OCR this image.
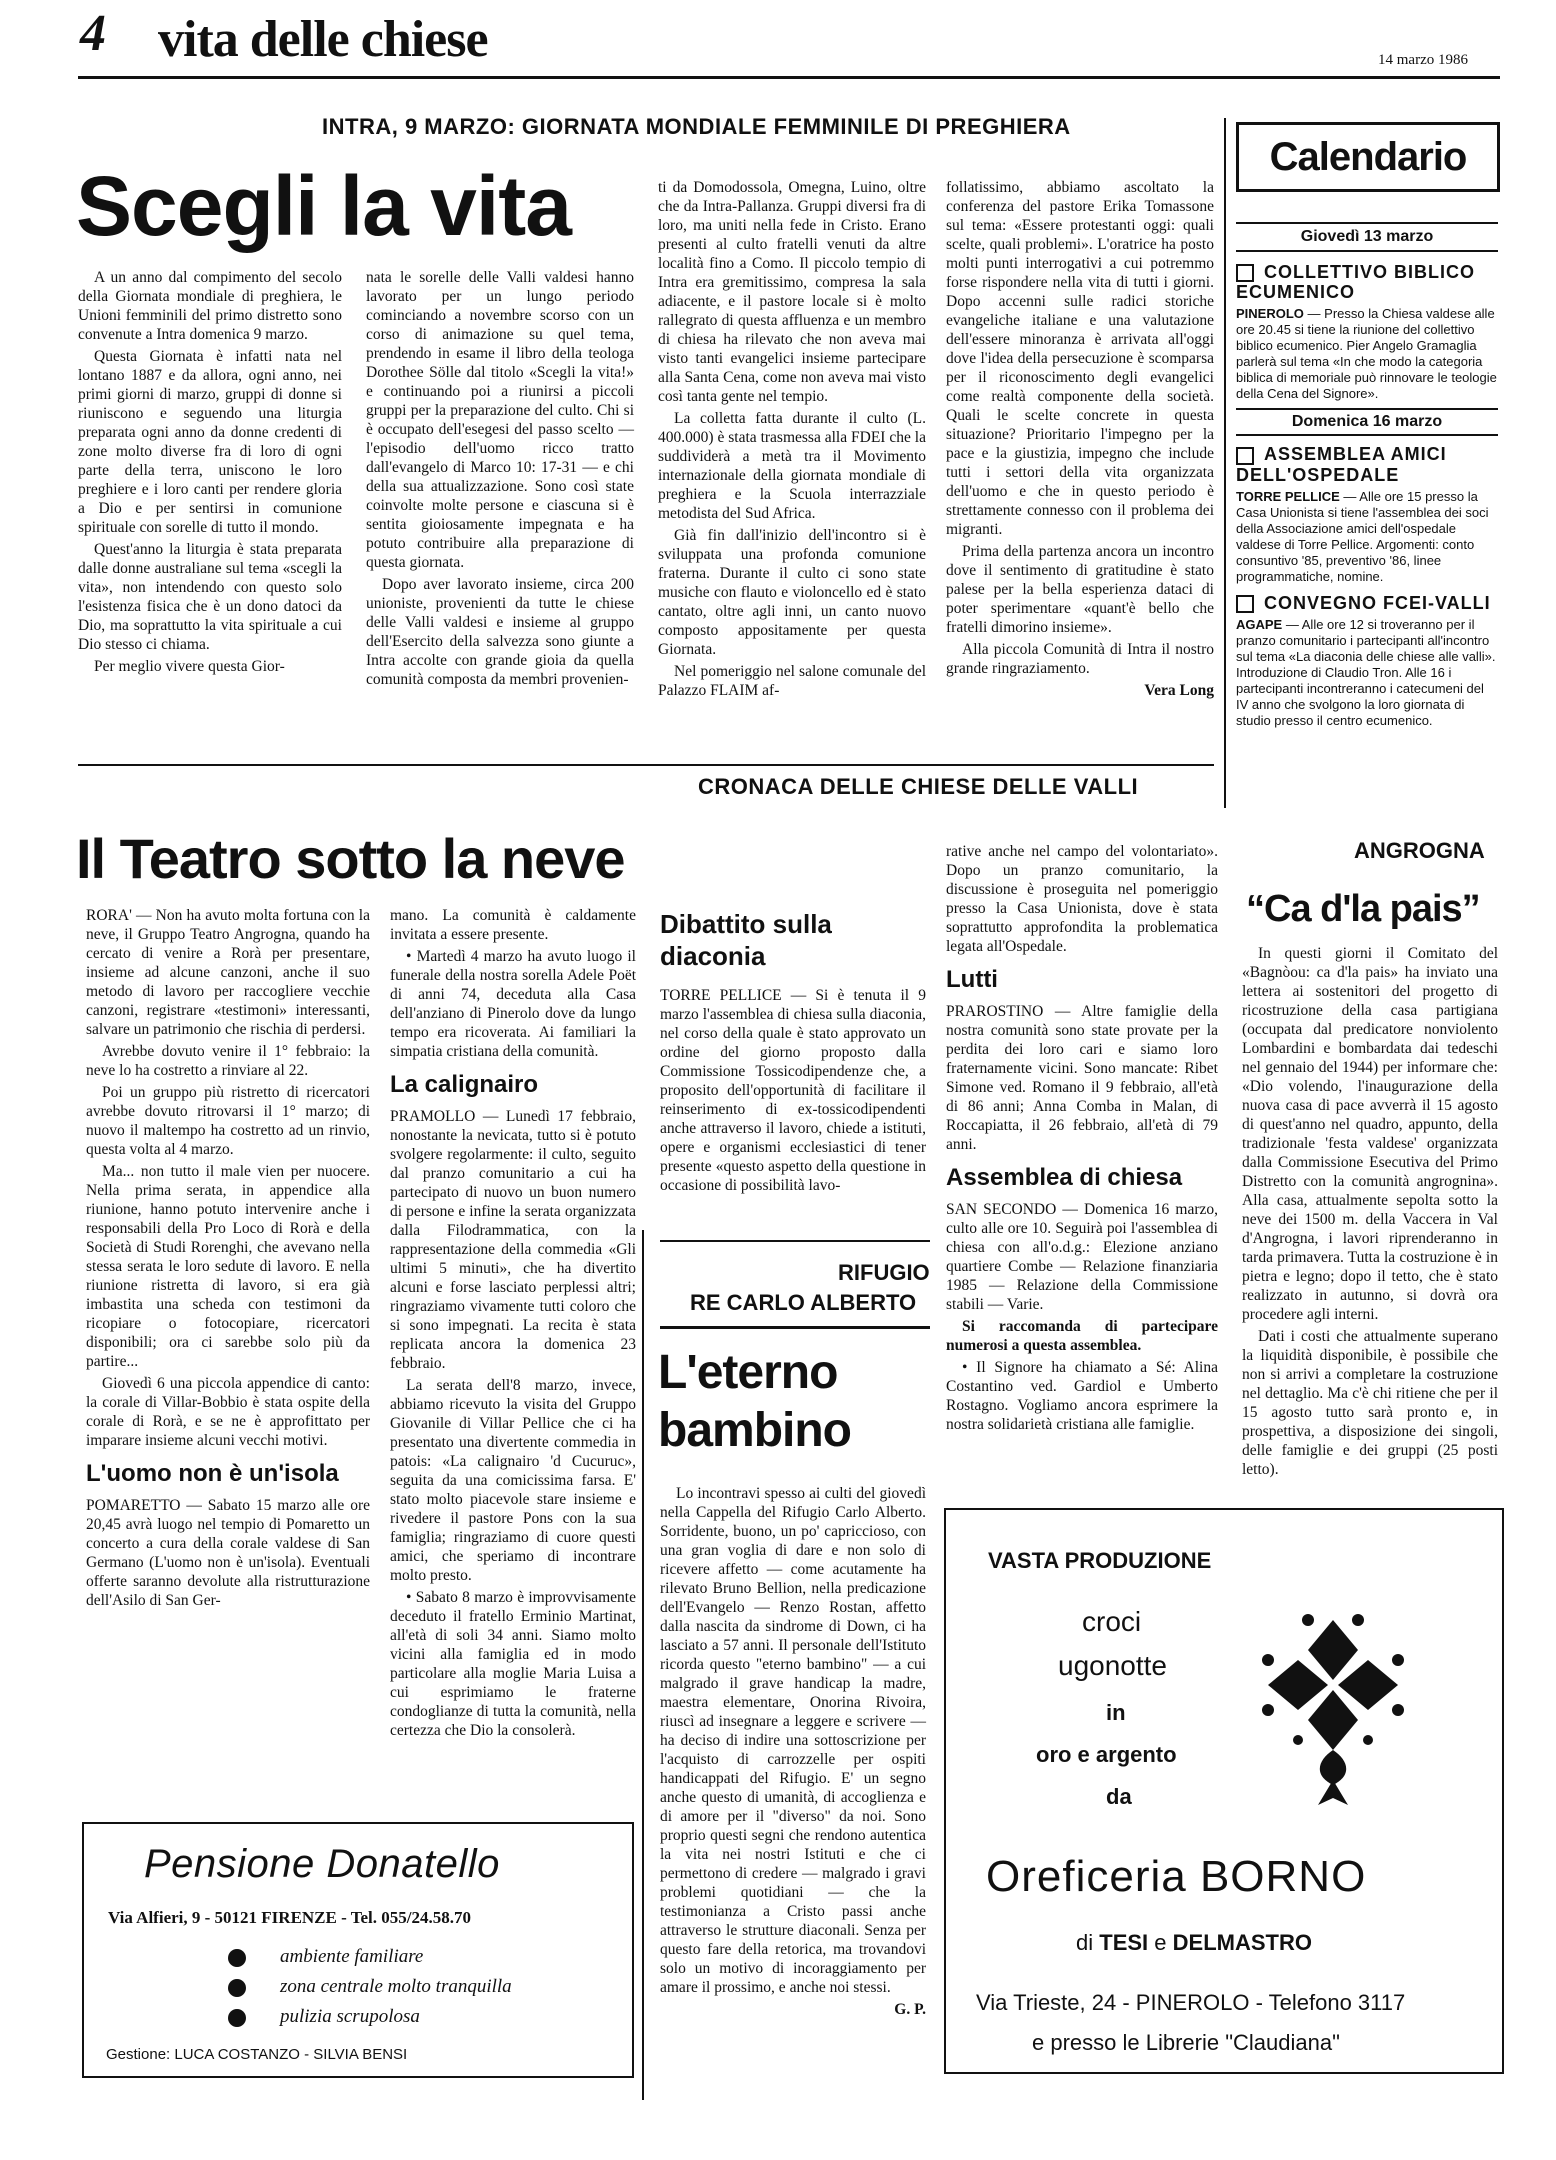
4 vita delle chiese	14 marzo 1986
INTRA, 9 MARZO: GIORNATA MONDIALE FEMMINILE DI PREGHIERA
Scegli la vita

A un anno dal compimento del secolo della Giornata mondiale di preghiera, le Unioni femminili del primo distretto sono convenute a Intra domenica 9 marzo.

Questa Giornata è infatti nata nel lontano 1887 e da allora, ogni anno, nei primi giorni di marzo, gruppi di donne si riuniscono e seguendo una liturgia preparata ogni anno da donne credenti di zone molto diverse fra di loro di ogni parte della terra, uniscono le loro preghiere e i loro canti per rendere gloria a Dio e per sentirsi in comunione spirituale con sorelle di tutto il mondo.

Quest'anno la liturgia è stata preparata dalle donne australiane sul tema «scegli la vita», non intendendo con questo solo l'esistenza fisica che è un dono datoci da Dio, ma soprattutto la vita spirituale a cui Dio stesso ci chiama.

Per meglio vivere questa Gior-

nata le sorelle delle Valli valdesi hanno lavorato per un lungo periodo cominciando a novembre scorso con un corso di animazione su quel tema, prendendo in esame il libro della teologa Dorothee Sölle dal titolo «Scegli la vita!» e continuando poi a riunirsi a piccoli gruppi per la preparazione del culto. Chi si è occupato dell'esegesi del passo scelto — l'episodio dell'uomo ricco tratto dall'evangelo di Marco 10: 17-31 — e chi della sua attualizzazione. Sono così state coinvolte molte persone e ciascuna si è sentita gioiosamente impegnata e ha potuto contribuire alla preparazione di questa giornata.

Dopo aver lavorato insieme, circa 200 unioniste, provenienti da tutte le chiese delle Valli valdesi e insieme al gruppo dell'Esercito della salvezza sono giunte a Intra accolte con grande gioia da quella comunità composta da membri provenien-

ti da Domodossola, Omegna, Luino, oltre che da Intra-Pallanza. Gruppi diversi fra di loro, ma uniti nella fede in Cristo. Erano presenti al culto fratelli venuti da altre località fino a Como. Il piccolo tempio di Intra era gremitissimo, compresa la sala adiacente, e il pastore locale si è molto rallegrato di questa affluenza e un membro di chiesa ha rilevato che non aveva mai visto tanti evangelici insieme partecipare alla Santa Cena, come non aveva mai visto così tanta gente nel tempio.

La colletta fatta durante il culto (L. 400.000) è stata trasmessa alla FDEI che la suddividerà a metà tra il Movimento internazionale della giornata mondiale di preghiera e la Scuola interrazziale metodista del Sud Africa.

Già fin dall'inizio dell'incontro si è sviluppata una profonda comunione fraterna. Durante il culto ci sono state musiche con flauto e violoncello ed è stato cantato, oltre agli inni, un canto nuovo composto appositamente per questa Giornata.

Nel pomeriggio nel salone comunale del Palazzo FLAIM af-

follatissimo, abbiamo ascoltato la conferenza del pastore Erika Tomassone sul tema: «Essere protestanti oggi: quali scelte, quali problemi». L'oratrice ha posto molti punti interrogativi a cui potremmo forse rispondere nella vita di tutti i giorni. Dopo accenni sulle radici storiche evangeliche italiane e una valutazione dell'essere minoranza è arrivata all'oggi dove l'idea della persecuzione è scomparsa per il riconoscimento degli evangelici come realtà componente della società. Quali le scelte concrete in questa situazione? Prioritario l'impegno per la pace e la giustizia, impegno che include tutti i settori della vita organizzata dell'uomo e che in questo periodo è strettamente connesso con il problema dei migranti.

Prima della partenza ancora un incontro dove il sentimento di gratitudine è stato palese per la bella esperienza dataci di poter sperimentare «quant'è bello che fratelli dimorino insieme».

Alla piccola Comunità di Intra il nostro grande ringraziamento.

Vera Long
Calendario
Giovedì 13 marzo
COLLETTIVO BIBLICO ECUMENICO
PINEROLO — Presso la Chiesa valdese alle ore 20.45 si tiene la riunione del collettivo biblico ecumenico. Pier Angelo Gramaglia parlerà sul tema «In che modo la categoria biblica di memoriale può rinnovare le teologie della Cena del Signore».
Domenica 16 marzo
ASSEMBLEA AMICI DELL'OSPEDALE
TORRE PELLICE — Alle ore 15 presso la Casa Unionista si tiene l'assemblea dei soci della Associazione amici dell'ospedale valdese di Torre Pellice. Argomenti: conto consuntivo '85, preventivo '86, linee programmatiche, nomine.
CONVEGNO FCEI-VALLI
AGAPE — Alle ore 12 si troveranno per il pranzo comunitario i partecipanti all'incontro sul tema «La diaconia delle chiese alle valli». Introduzione di Claudio Tron. Alle 16 i partecipanti incontreranno i catecumeni del IV anno che svolgono la loro giornata di studio presso il centro ecumenico.
CRONACA DELLE CHIESE DELLE VALLI
Il Teatro sotto la neve

RORA' — Non ha avuto molta fortuna con la neve, il Gruppo Teatro Angrogna, quando ha cercato di venire a Rorà per presentare, insieme ad alcune canzoni, anche il suo metodo di lavoro per raccogliere vecchie canzoni, registrare «testimoni» interessanti, salvare un patrimonio che rischia di perdersi.

Avrebbe dovuto venire il 1° febbraio: la neve lo ha costretto a rinviare al 22.

Poi un gruppo più ristretto di ricercatori avrebbe dovuto ritrovarsi il 1° marzo; di nuovo il maltempo ha costretto ad un rinvio, questa volta al 4 marzo.

Ma... non tutto il male vien per nuocere. Nella prima serata, in appendice alla riunione, hanno potuto intervenire anche i responsabili della Pro Loco di Rorà e della Società di Studi Rorenghi, che avevano nella stessa serata le loro sedute di lavoro. E nella riunione ristretta di lavoro, si era già imbastita una scheda con testimoni da ricopiare o fotocopiare, ricercatori disponibili; ora ci sarebbe solo più da partire...

Giovedì 6 una piccola appendice di canto: la corale di Villar-Bobbio è stata ospite della corale di Rorà, e se ne è approfittato per imparare insieme alcuni vecchi motivi.

L'uomo non è un'isola

POMARETTO — Sabato 15 marzo alle ore 20,45 avrà luogo nel tempio di Pomaretto un concerto a cura della corale valdese di San Germano (L'uomo non è un'isola). Eventuali offerte saranno devolute alla ristrutturazione dell'Asilo di San Ger-

mano. La comunità è caldamente invitata a essere presente.

• Martedì 4 marzo ha avuto luogo il funerale della nostra sorella Adele Poët di anni 74, deceduta alla Casa dell'anziano di Pinerolo dove da lungo tempo era ricoverata. Ai familiari la simpatia cristiana della comunità.

La calignairo

PRAMOLLO — Lunedì 17 febbraio, nonostante la nevicata, tutto si è potuto svolgere regolarmente: il culto, seguito dal pranzo comunitario a cui ha partecipato di nuovo un buon numero di persone e infine la serata organizzata dalla Filodrammatica, con la rappresentazione della commedia «Gli ultimi 5 minuti», che ha divertito alcuni e forse lasciato perplessi altri; ringraziamo vivamente tutti coloro che si sono impegnati. La recita è stata replicata ancora la domenica 23 febbraio.

La serata dell'8 marzo, invece, abbiamo ricevuto la visita del Gruppo Giovanile di Villar Pellice che ci ha presentato una divertente commedia in patois: «La calignairo 'd Cucuruc», seguita da una comicissima farsa. E' stato molto piacevole stare insieme e rivedere il pastore Pons con la sua famiglia; ringraziamo di cuore questi amici, che speriamo di incontrare molto presto.

• Sabato 8 marzo è improvvisamente deceduto il fratello Erminio Martinat, all'età di soli 34 anni. Siamo molto vicini alla famiglia ed in modo particolare alla moglie Maria Luisa a cui esprimiamo le fraterne condoglianze di tutta la comunità, nella certezza che Dio la consolerà.

Dibattito sulla diaconia

TORRE PELLICE — Si è tenuta il 9 marzo l'assemblea di chiesa sulla diaconia, nel corso della quale è stato approvato un ordine del giorno proposto dalla Commissione Tossicodipendenze che, a proposito dell'opportunità di facilitare il reinserimento di ex-tossicodipendenti anche attraverso il lavoro, chiede a istituti, opere e organismi ecclesiastici di tener presente «questo aspetto della questione in occasione di possibilità lavo-

rative anche nel campo del volontariato». Dopo un pranzo comunitario, la discussione è proseguita nel pomeriggio presso la Casa Unionista, dove è stata soprattutto approfondita la problematica legata all'Ospedale.

Lutti

PRAROSTINO — Altre famiglie della nostra comunità sono state provate per la perdita dei loro cari e siamo loro fraternamente vicini. Sono mancate: Ribet Simone ved. Romano il 9 febbraio, all'età di 86 anni; Anna Comba in Malan, di Roccapiatta, il 26 febbraio, all'età di 79 anni.

Assemblea di chiesa

SAN SECONDO — Domenica 16 marzo, culto alle ore 10. Seguirà poi l'assemblea di chiesa con all'o.d.g.: Elezione anziano quartiere Combe — Relazione finanziaria 1985 — Relazione della Commissione stabili — Varie.

Si raccomanda di partecipare numerosi a questa assemblea.

• Il Signore ha chiamato a Sé: Alina Costantino ved. Gardiol e Umberto Rostagno. Vogliamo ancora esprimere la nostra solidarietà cristiana alle famiglie.

ANGROGNA
“Ca d'la pais”

In questi giorni il Comitato del «Bagnòou: ca d'la pais» ha inviato una lettera ai sostenitori del progetto di ricostruzione della casa partigiana (occupata dal predicatore nonviolento Lombardini e bombardata dai tedeschi nel gennaio del 1944) per informare che: «Dio volendo, l'inaugurazione della nuova casa di pace avverrà il 15 agosto di quest'anno nel quadro, appunto, della tradizionale 'festa valdese' organizzata dalla Commissione Esecutiva del Primo Distretto con la comunità angrognina». Alla casa, attualmente sepolta sotto la neve dei 1500 m. della Vaccera in Val d'Angrogna, i lavori riprenderanno in tarda primavera. Tutta la costruzione è in pietra e legno; dopo il tetto, che è stato realizzato in autunno, si dovrà ora procedere agli interni.

Dati i costi che attualmente superano la liquidità disponibile, è possibile che non si arrivi a completare la costruzione nel dettaglio. Ma c'è chi ritiene che per il 15 agosto tutto sarà pronto e, in prospettiva, a disposizione dei singoli, delle famiglie e dei gruppi (25 posti letto).

RIFUGIO
RE CARLO ALBERTO
L'eterno
bambino

Lo incontravi spesso ai culti del giovedì nella Cappella del Rifugio Carlo Alberto. Sorridente, buono, un po' capriccioso, con una gran voglia di dare e non solo di ricevere affetto — come acutamente ha rilevato Bruno Bellion, nella predicazione dell'Evangelo — Renzo Rostan, affetto dalla nascita da sindrome di Down, ci ha lasciato a 57 anni. Il personale dell'Istituto ricorda questo "eterno bambino" — a cui malgrado il grave handicap la madre, maestra elementare, Onorina Rivoira, riuscì ad insegnare a leggere e scrivere — ha deciso di indire una sottoscrizione per l'acquisto di carrozzelle per ospiti handicappati del Rifugio. E' un segno anche questo di umanità, di accoglienza e di amore per il "diverso" da noi. Sono proprio questi segni che rendono autentica la vita nei nostri Istituti e che ci permettono di credere — malgrado i gravi problemi quotidiani — che la testimonianza a Cristo passi anche attraverso le strutture diaconali. Senza per questo fare della retorica, ma trovandovi solo un motivo di incoraggiamento per amare il prossimo, e anche noi stessi.

G. P.
Pensione Donatello
Via Alfieri, 9 - 50121 FIRENZE - Tel. 055/24.58.70
ambiente familiare
zona centrale molto tranquilla
pulizia scrupolosa
Gestione: LUCA COSTANZO - SILVIA BENSI
VASTA PRODUZIONE
croci
ugonotte
in
oro e argento
da
Oreficeria BORNO
di TESI e DELMASTRO
Via Trieste, 24 - PINEROLO - Telefono 3117
e presso le Librerie "Claudiana"
